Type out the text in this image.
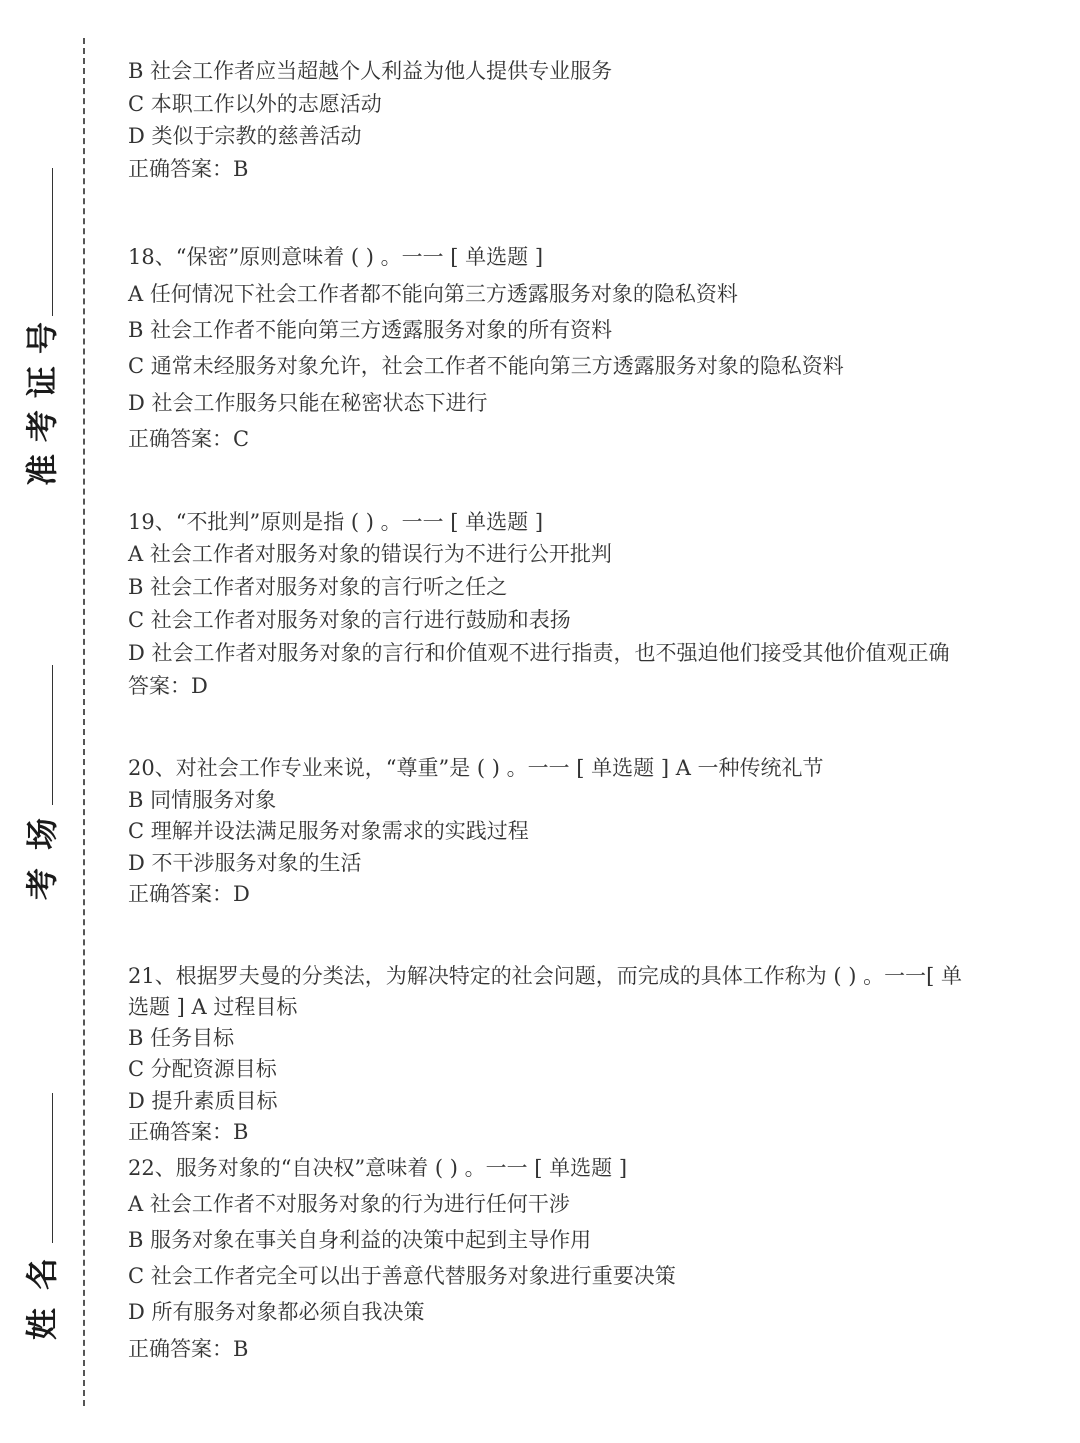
号
证
考
准
场
考
名
姓
B 社会工作者应当超越个人利益为他人提供专业服务
C 本职工作以外的志愿活动
D 类似于宗教的慈善活动
正确答案：B
18、“保密”原则意味着 ( ) 。一一 [ 单选题 ]
A 任何情况下社会工作者都不能向第三方透露服务对象的隐私资料
B 社会工作者不能向第三方透露服务对象的所有资料
C 通常未经服务对象允许，社会工作者不能向第三方透露服务对象的隐私资料
D 社会工作服务只能在秘密状态下进行
正确答案：C
19、“不批判”原则是指 ( ) 。一一 [ 单选题 ]
A 社会工作者对服务对象的错误行为不进行公开批判
B 社会工作者对服务对象的言行听之任之
C 社会工作者对服务对象的言行进行鼓励和表扬
D 社会工作者对服务对象的言行和价值观不进行指责，也不强迫他们接受其他价值观正确
答案：D
20、对社会工作专业来说，“尊重”是 ( ) 。一一 [ 单选题 ] A 一种传统礼节
B 同情服务对象
C 理解并设法满足服务对象需求的实践过程
D 不干涉服务对象的生活
正确答案：D
21、根据罗夫曼的分类法，为解决特定的社会问题，而完成的具体工作称为 ( ) 。一一[ 单
选题 ] A 过程目标
B 任务目标
C 分配资源目标
D 提升素质目标
正确答案：B
22、服务对象的“自决权”意味着 ( ) 。一一 [ 单选题 ]
A 社会工作者不对服务对象的行为进行任何干涉
B 服务对象在事关自身利益的决策中起到主导作用
C 社会工作者完全可以出于善意代替服务对象进行重要决策
D 所有服务对象都必须自我决策
正确答案：B
